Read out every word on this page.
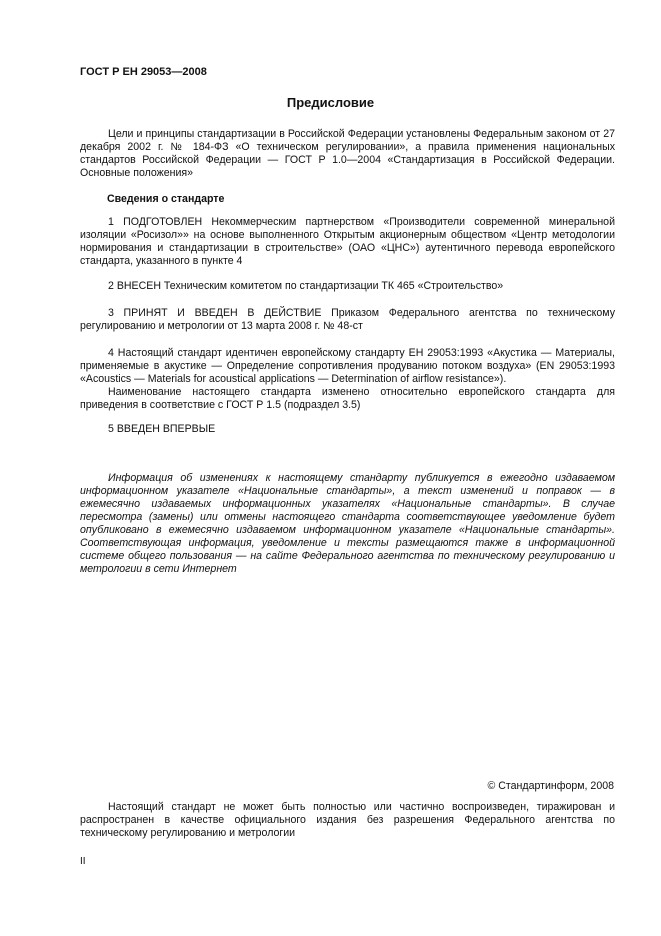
ГОСТ Р ЕН 29053—2008
Предисловие

Цели и принципы стандартизации в Российской Федерации установлены Федеральным законом от 27 декабря 2002 г. № 184-ФЗ «О техническом регулировании», а правила применения национальных стандартов Российской Федерации — ГОСТ Р 1.0—2004 «Стандартизация в Российской Федерации. Основные положения»

Сведения о стандарте

1 ПОДГОТОВЛЕН Некоммерческим партнерством «Производители современной минеральной изоляции «Росизол»» на основе выполненного Открытым акционерным обществом «Центр методологии нормирования и стандартизации в строительстве» (ОАО «ЦНС») аутентичного перевода европейского стандарта, указанного в пункте 4

2 ВНЕСЕН Техническим комитетом по стандартизации ТК 465 «Строительство»

3 ПРИНЯТ И ВВЕДЕН В ДЕЙСТВИЕ Приказом Федерального агентства по техническому регулированию и метрологии от 13 марта 2008 г. № 48-ст

4 Настоящий стандарт идентичен европейскому стандарту ЕН 29053:1993 «Акустика — Материалы, применяемые в акустике — Определение сопротивления продуванию потоком воздуха» (EN 29053:1993 «Acoustics — Materials for acoustical applications — Determination of airflow resistance»).

Наименование настоящего стандарта изменено относительно европейского стандарта для приведения в соответствие с ГОСТ Р 1.5 (подраздел 3.5)

5 ВВЕДЕН ВПЕРВЫЕ

Информация об изменениях к настоящему стандарту публикуется в ежегодно издаваемом информационном указателе «Национальные стандарты», а текст изменений и поправок — в ежемесячно издаваемых информационных указателях «Национальные стандарты». В случае пересмотра (замены) или отмены настоящего стандарта соответствующее уведомление будет опубликовано в ежемесячно издаваемом информационном указателе «Национальные стандарты». Соответствующая информация, уведомление и тексты размещаются также в информационной системе общего пользования — на сайте Федерального агентства по техническому регулированию и метрологии в сети Интернет

© Стандартинформ, 2008

Настоящий стандарт не может быть полностью или частично воспроизведен, тиражирован и распространен в качестве официального издания без разрешения Федерального агентства по техническому регулированию и метрологии

II
